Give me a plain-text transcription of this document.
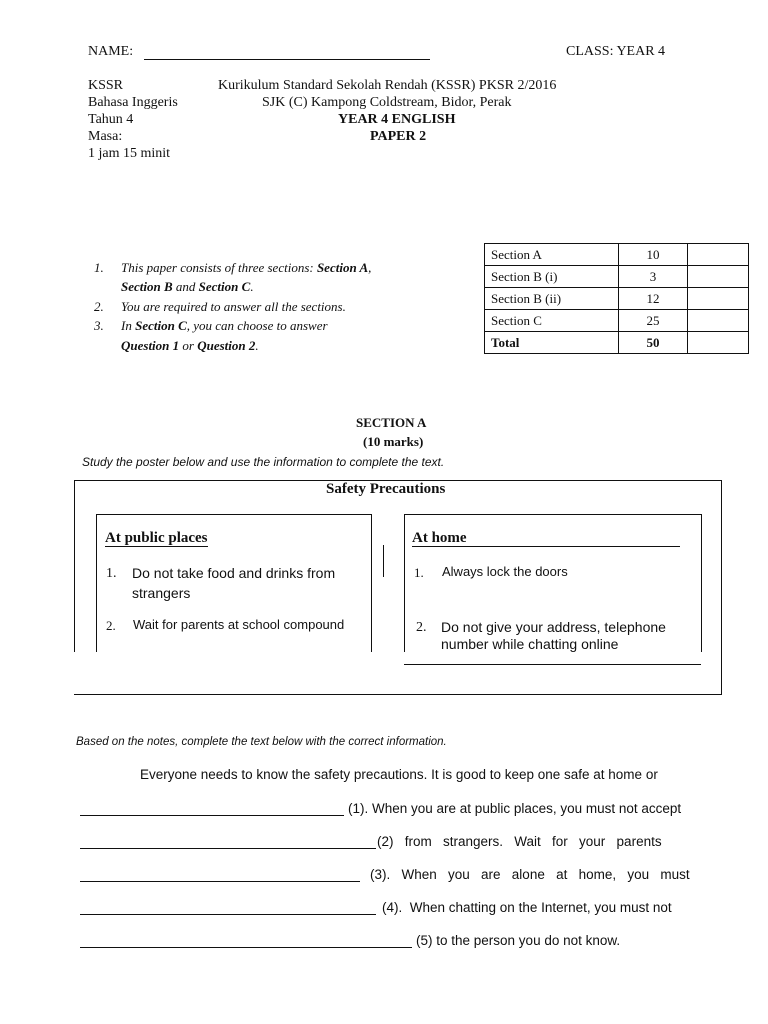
NAME:	CLASS: YEAR 4
KSSR
Bahasa Inggeris
Tahun 4
Masa:
1 jam 15 minit
Kurikulum Standard Sekolah Rendah (KSSR) PKSR 2/2016
SJK (C) Kampong Coldstream, Bidor, Perak
YEAR 4 ENGLISH
PAPER 2
1. This paper consists of three sections: Section A,
Section B and Section C.
2. You are required to answer all the sections.
3. In Section C, you can choose to answer
Question 1 or Question 2.
Section A	10	
Section B (i)	3	
Section B (ii)	12	
Section C	25	
Total	50	
SECTION A
(10 marks)
Study the poster below and use the information to complete the text.
Safety Precautions
At public places
1. Do not take food and drinks from
strangers
2. Wait for parents at school compound
At home
1. Always lock the doors
2. Do not give your address, telephone
number while chatting online
Based on the notes, complete the text below with the correct information.
Everyone needs to know the safety precautions. It is good to keep one safe at home or
(1). When you are at public places, you must not accept
(2)   from   strangers.   Wait   for   your   parents
(3).   When   you   are   alone   at   home,   you   must
(4).  When chatting on the Internet, you must not
(5) to the person you do not know.
